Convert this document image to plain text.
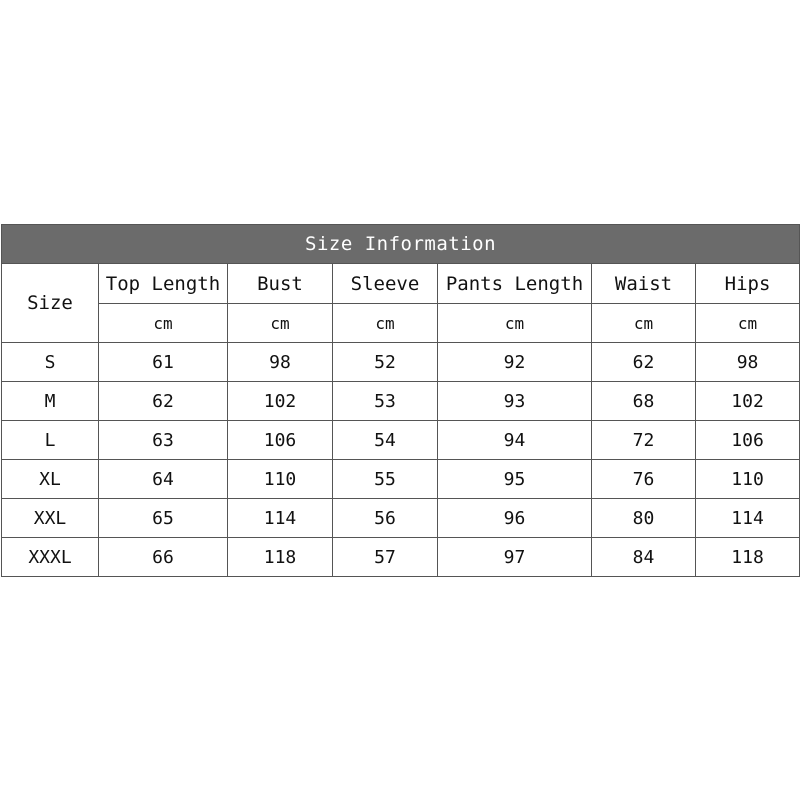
Size Information						
Size	Top Length	Bust	Sleeve	Pants Length	Waist	Hips
	cm	cm	cm	cm	cm	cm
S	61	98	52	92	62	98
M	62	102	53	93	68	102
L	63	106	54	94	72	106
XL	64	110	55	95	76	110
XXL	65	114	56	96	80	114
XXXL	66	118	57	97	84	118
